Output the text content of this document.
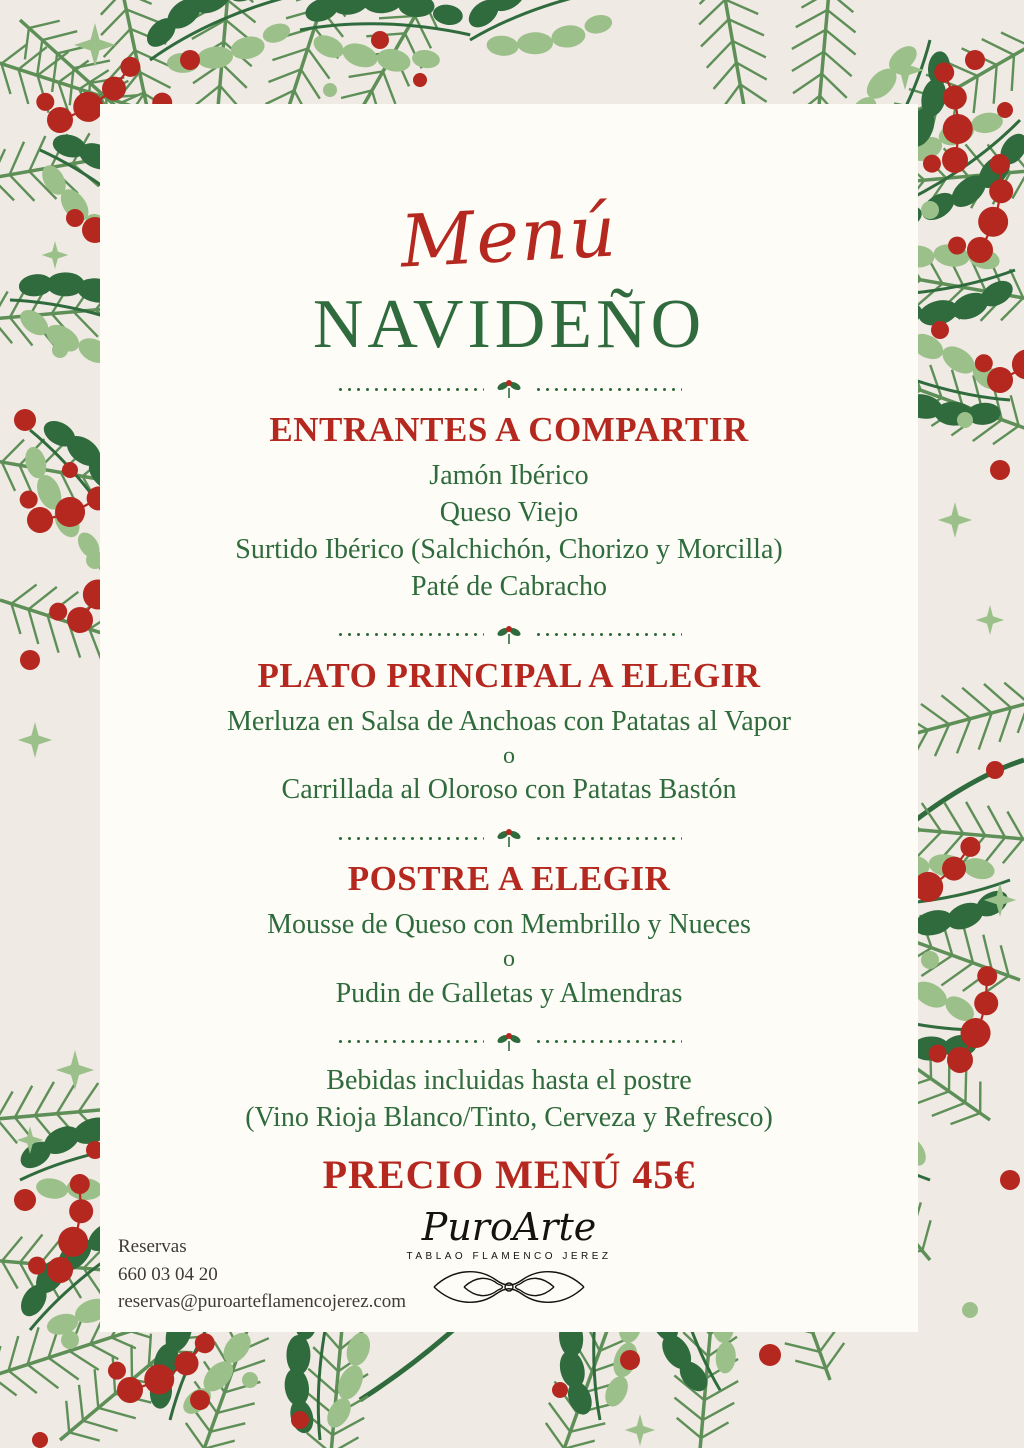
Menú
NAVIDEÑO
ENTRANTES A COMPARTIR
Jamón Ibérico
Queso Viejo
Surtido Ibérico (Salchichón, Chorizo y Morcilla)
Paté de Cabracho
PLATO PRINCIPAL A ELEGIR
Merluza en Salsa de Anchoas con Patatas al Vapor
o
Carrillada al Oloroso con Patatas Bastón
POSTRE A ELEGIR
Mousse de Queso con Membrillo y Nueces
o
Pudin de Galletas y Almendras
Bebidas incluidas hasta el postre
(Vino Rioja Blanco/Tinto, Cerveza y Refresco)
PRECIO MENÚ 45€
PuroArte
TABLAO FLAMENCO JEREZ
Reservas
660 03 04 20
reservas@puroarteflamencojerez.com
